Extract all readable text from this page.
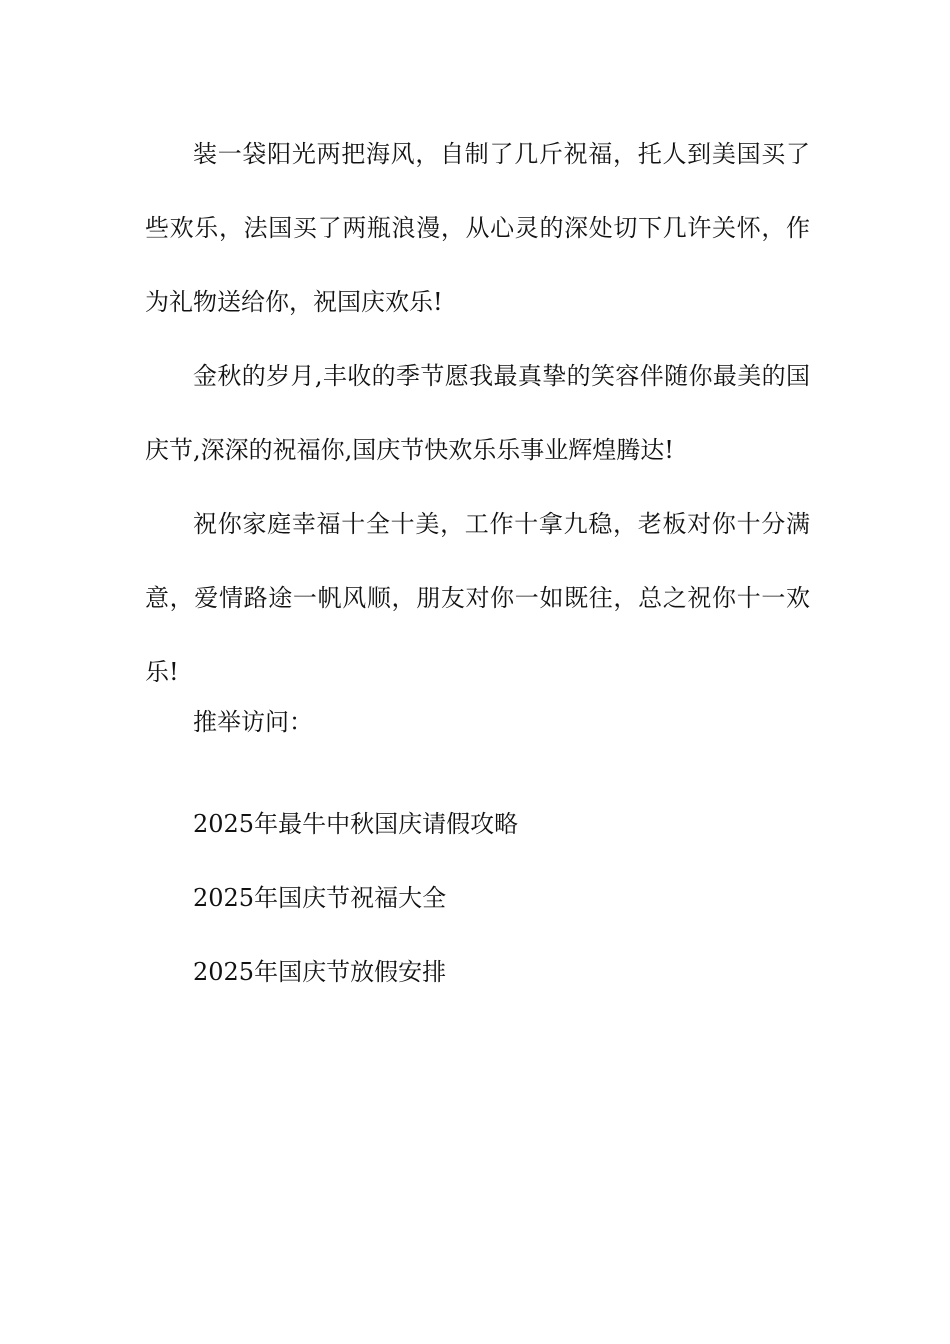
装一袋阳光两把海风，自制了几斤祝福，托人到美国买了些欢乐，法国买了两瓶浪漫，从心灵的深处切下几许关怀，作为礼物送给你，祝国庆欢乐!

金秋的岁月,丰收的季节愿我最真挚的笑容伴随你最美的国庆节,深深的祝福你,国庆节快欢乐乐事业辉煌腾达!

祝你家庭幸福十全十美，工作十拿九稳，老板对你十分满意，爱情路途一帆风顺，朋友对你一如既往，总之祝你十一欢乐!

推举访问：

2025年最牛中秋国庆请假攻略
2025年国庆节祝福大全
2025年国庆节放假安排
